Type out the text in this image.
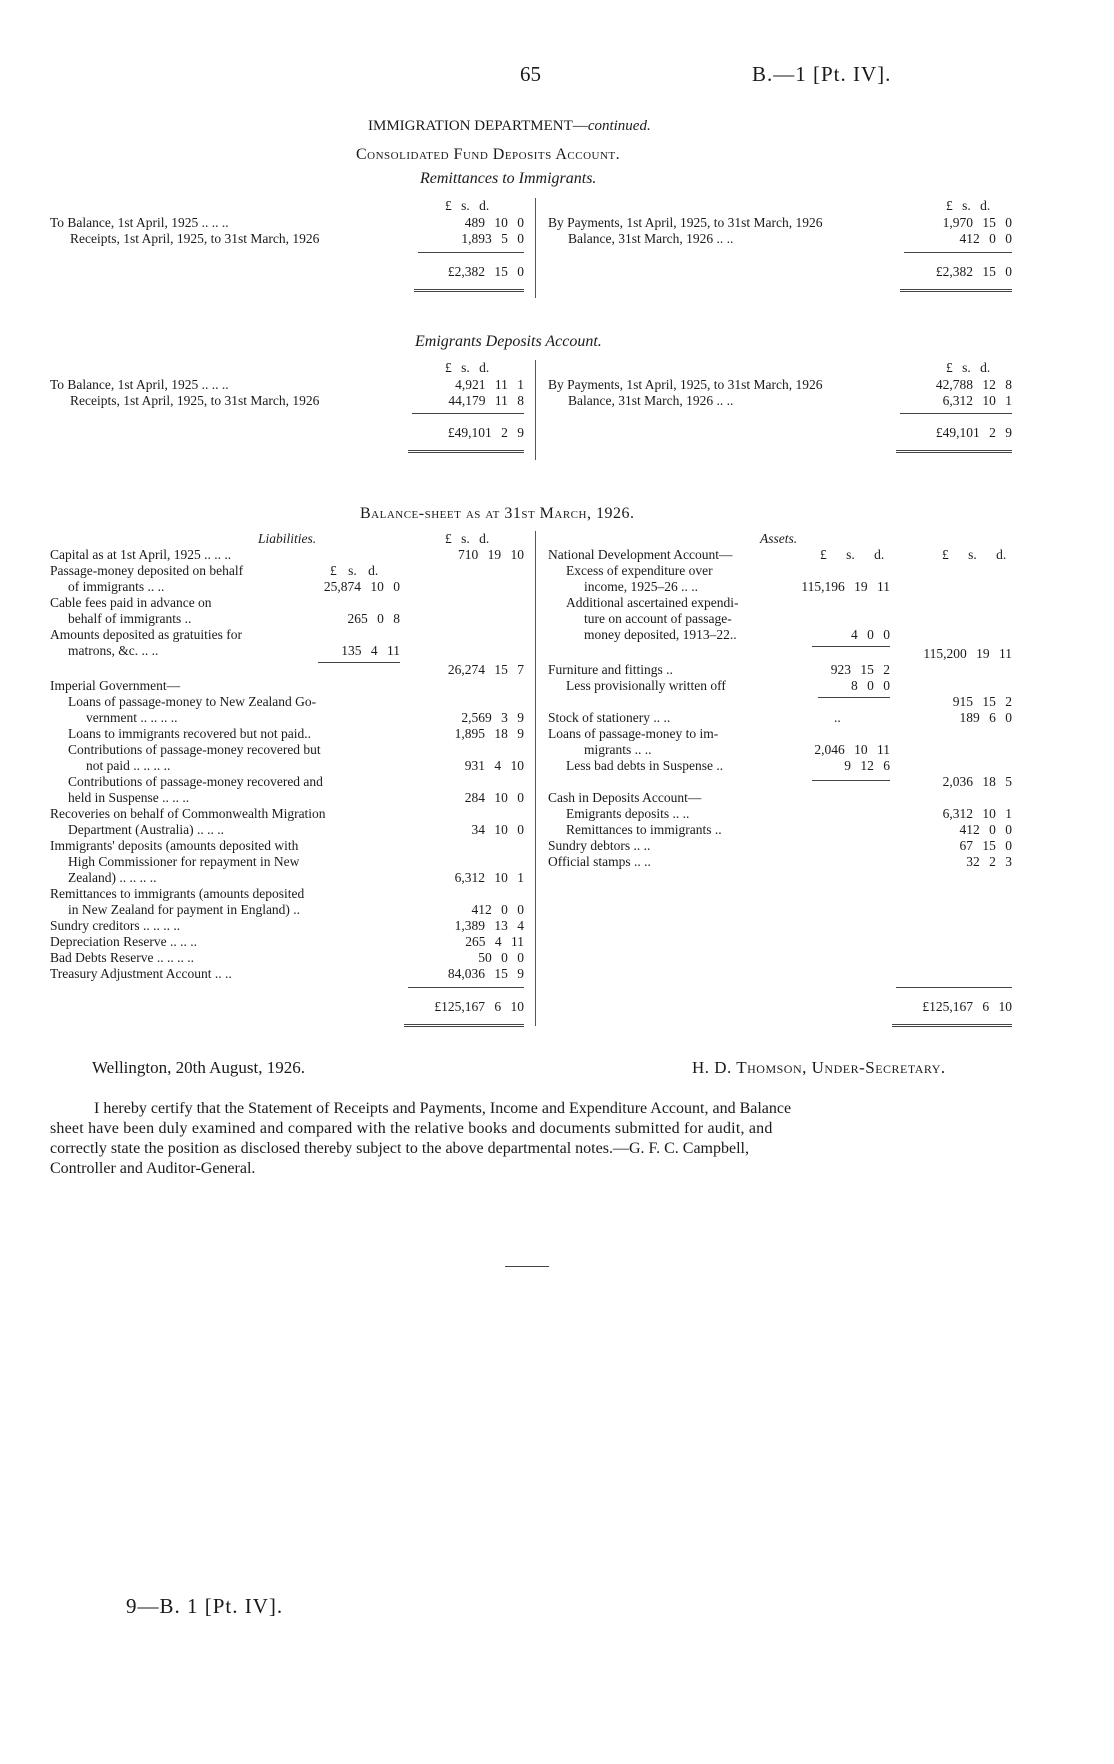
65	B.—1 [Pt. IV].
IMMIGRATION DEPARTMENT—continued.
Consolidated Fund Deposits Account.
Remittances to Immigrants.
£ s. d.	£ s. d.
To Balance, 1st April, 1925 .. .. ..	489 10 0
Receipts, 1st April, 1925, to 31st March, 1926	1,893 5 0
£2,382 15 0
By Payments, 1st April, 1925, to 31st March, 1926	1,970 15 0
Balance, 31st March, 1926 .. ..	412 0 0
£2,382 15 0
Emigrants Deposits Account.
£ s. d.	£ s. d.
To Balance, 1st April, 1925 .. .. ..	4,921 11 1
Receipts, 1st April, 1925, to 31st March, 1926	44,179 11 8
£49,101 2 9
By Payments, 1st April, 1925, to 31st March, 1926	42,788 12 8
Balance, 31st March, 1926 .. ..	6,312 10 1
£49,101 2 9
Balance-sheet as at 31st March, 1926.
Liabilities.	Assets.
£ s. d.
Capital as at 1st April, 1925 .. .. ..	710 19 10
Passage-money deposited on behalf	£ s. d.
of immigrants .. ..	25,874 10 0
Cable fees paid in advance on
behalf of immigrants ..	265 0 8
Amounts deposited as gratuities for
matrons, &c. .. ..	135 4 11
26,274 15 7
Imperial Government—
Loans of passage-money to New Zealand Go-
vernment .. .. .. ..	2,569 3 9
Loans to immigrants recovered but not paid..	1,895 18 9
Contributions of passage-money recovered but
not paid .. .. .. ..	931 4 10
Contributions of passage-money recovered and
held in Suspense .. .. ..	284 10 0
Recoveries on behalf of Commonwealth Migration
Department (Australia) .. .. ..	34 10 0
Immigrants' deposits (amounts deposited with
High Commissioner for repayment in New
Zealand) .. .. .. ..	6,312 10 1
Remittances to immigrants (amounts deposited
in New Zealand for payment in England) ..	412 0 0
Sundry creditors .. .. .. ..	1,389 13 4
Depreciation Reserve .. .. ..	265 4 11
Bad Debts Reserve .. .. .. ..	50 0 0
Treasury Adjustment Account .. ..	84,036 15 9
£125,167 6 10
National Development Account—	£ s. d.	£ s. d.
Excess of expenditure over
income, 1925–26 .. ..	115,196 19 11
Additional ascertained expendi-
ture on account of passage-
money deposited, 1913–22..	4 0 0
115,200 19 11
Furniture and fittings ..	923 15 2
Less provisionally written off	8 0 0
915 15 2
Stock of stationery .. ..	..	189 6 0
Loans of passage-money to im-
migrants .. ..	2,046 10 11
Less bad debts in Suspense ..	9 12 6
2,036 18 5
Cash in Deposits Account—
Emigrants deposits .. ..	6,312 10 1
Remittances to immigrants ..	412 0 0
Sundry debtors .. ..	67 15 0
Official stamps .. ..	32 2 3
£125,167 6 10
Wellington, 20th August, 1926.	H. D. Thomson, Under-Secretary.
I hereby certify that the Statement of Receipts and Payments, Income and Expenditure Account, and Balance
sheet have been duly examined and compared with the relative books and documents submitted for audit, and
correctly state the position as disclosed thereby subject to the above departmental notes.—G. F. C. Campbell,
Controller and Auditor-General.
9—B. 1 [Pt. IV].
